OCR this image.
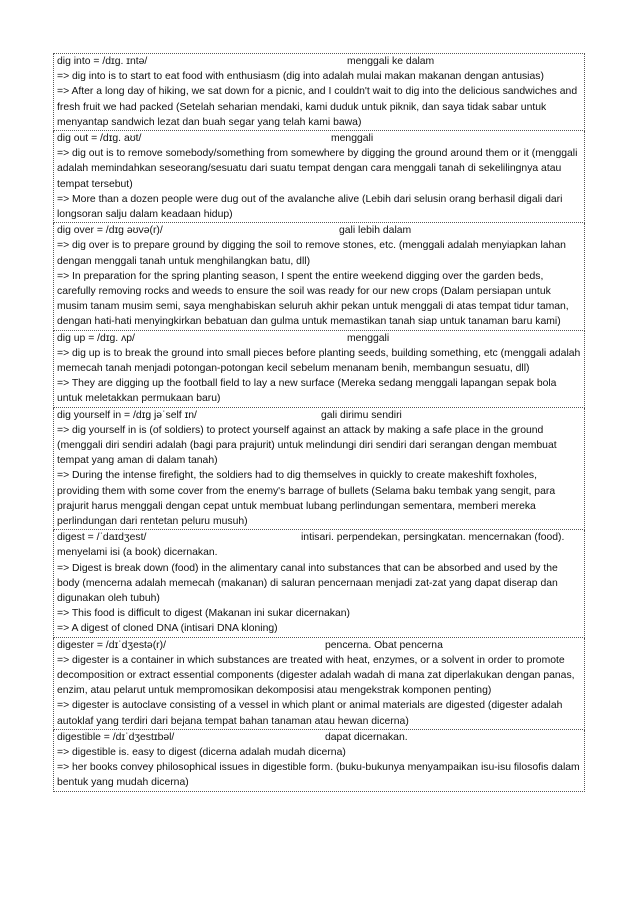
dig into = /dɪɡ. ɪntə/	menggali ke dalam
=> dig into is to start to eat food with enthusiasm (dig into adalah mulai makan makanan dengan antusias)
=> After a long day of hiking, we sat down for a picnic, and I couldn't wait to dig into the delicious sandwiches and fresh fruit we had packed (Setelah seharian mendaki, kami duduk untuk piknik, dan saya tidak sabar untuk menyantap sandwich lezat dan buah segar yang telah kami bawa)
dig out = /dɪɡ. aʊt/	menggali
=> dig out is to remove somebody/something from somewhere by digging the ground around them or it (menggali adalah memindahkan seseorang/sesuatu dari suatu tempat dengan cara menggali tanah di sekelilingnya atau tempat tersebut)
=> More than a dozen people were dug out of the avalanche alive (Lebih dari selusin orang berhasil digali dari longsoran salju dalam keadaan hidup)
dig over = /dɪɡ əʊvə(r)/	gali lebih dalam
=> dig over is to prepare ground by digging the soil to remove stones, etc. (menggali adalah menyiapkan lahan dengan menggali tanah untuk menghilangkan batu, dll)
=> In preparation for the spring planting season, I spent the entire weekend digging over the garden beds, carefully removing rocks and weeds to ensure the soil was ready for our new crops (Dalam persiapan untuk musim tanam musim semi, saya menghabiskan seluruh akhir pekan untuk menggali di atas tempat tidur taman, dengan hati-hati menyingkirkan bebatuan dan gulma untuk memastikan tanah siap untuk tanaman baru kami)
dig up = /dɪɡ. ʌp/	menggali
=> dig up is to break the ground into small pieces before planting seeds, building something, etc (menggali adalah memecah tanah menjadi potongan-potongan kecil sebelum menanam benih, membangun sesuatu, dll)
=> They are digging up the football field to lay a new surface (Mereka sedang menggali lapangan sepak bola untuk meletakkan permukaan baru)
dig yourself in = /dɪɡ jəˈself ɪn/	gali dirimu sendiri
=> dig yourself in is (of soldiers) to protect yourself against an attack by making a safe place in the ground (menggali diri sendiri adalah (bagi para prajurit) untuk melindungi diri sendiri dari serangan dengan membuat tempat yang aman di dalam tanah)
=> During the intense firefight, the soldiers had to dig themselves in quickly to create makeshift foxholes, providing them with some cover from the enemy's barrage of bullets (Selama baku tembak yang sengit, para prajurit harus menggali dengan cepat untuk membuat lubang perlindungan sementara, memberi mereka perlindungan dari rentetan peluru musuh)
digest = /ˈdaɪdʒest/	intisari. perpendekan, persingkatan. mencernakan (food). menyelami isi (a book) dicernakan.
=> Digest is break down (food) in the alimentary canal into substances that can be absorbed and used by the body (mencerna adalah memecah (makanan) di saluran pencernaan menjadi zat-zat yang dapat diserap dan digunakan oleh tubuh)
=> This food is difficult to digest (Makanan ini sukar dicernakan)
=> A digest of cloned DNA (intisari DNA kloning)
digester = /dɪˈdʒestə(r)/	pencerna. Obat pencerna
=> digester is a container in which substances are treated with heat, enzymes, or a solvent in order to promote decomposition or extract essential components (digester adalah wadah di mana zat diperlakukan dengan panas, enzim, atau pelarut untuk mempromosikan dekomposisi atau mengekstrak komponen penting)
=> digester is autoclave consisting of a vessel in which plant or animal materials are digested (digester adalah autoklaf yang terdiri dari bejana tempat bahan tanaman atau hewan dicerna)
digestible = /dɪˈdʒestɪbəl/	dapat dicernakan.
=> digestible is. easy to digest (dicerna adalah mudah dicerna)
=> her books convey philosophical issues in digestible form. (buku-bukunya menyampaikan isu-isu filosofis dalam bentuk yang mudah dicerna)
